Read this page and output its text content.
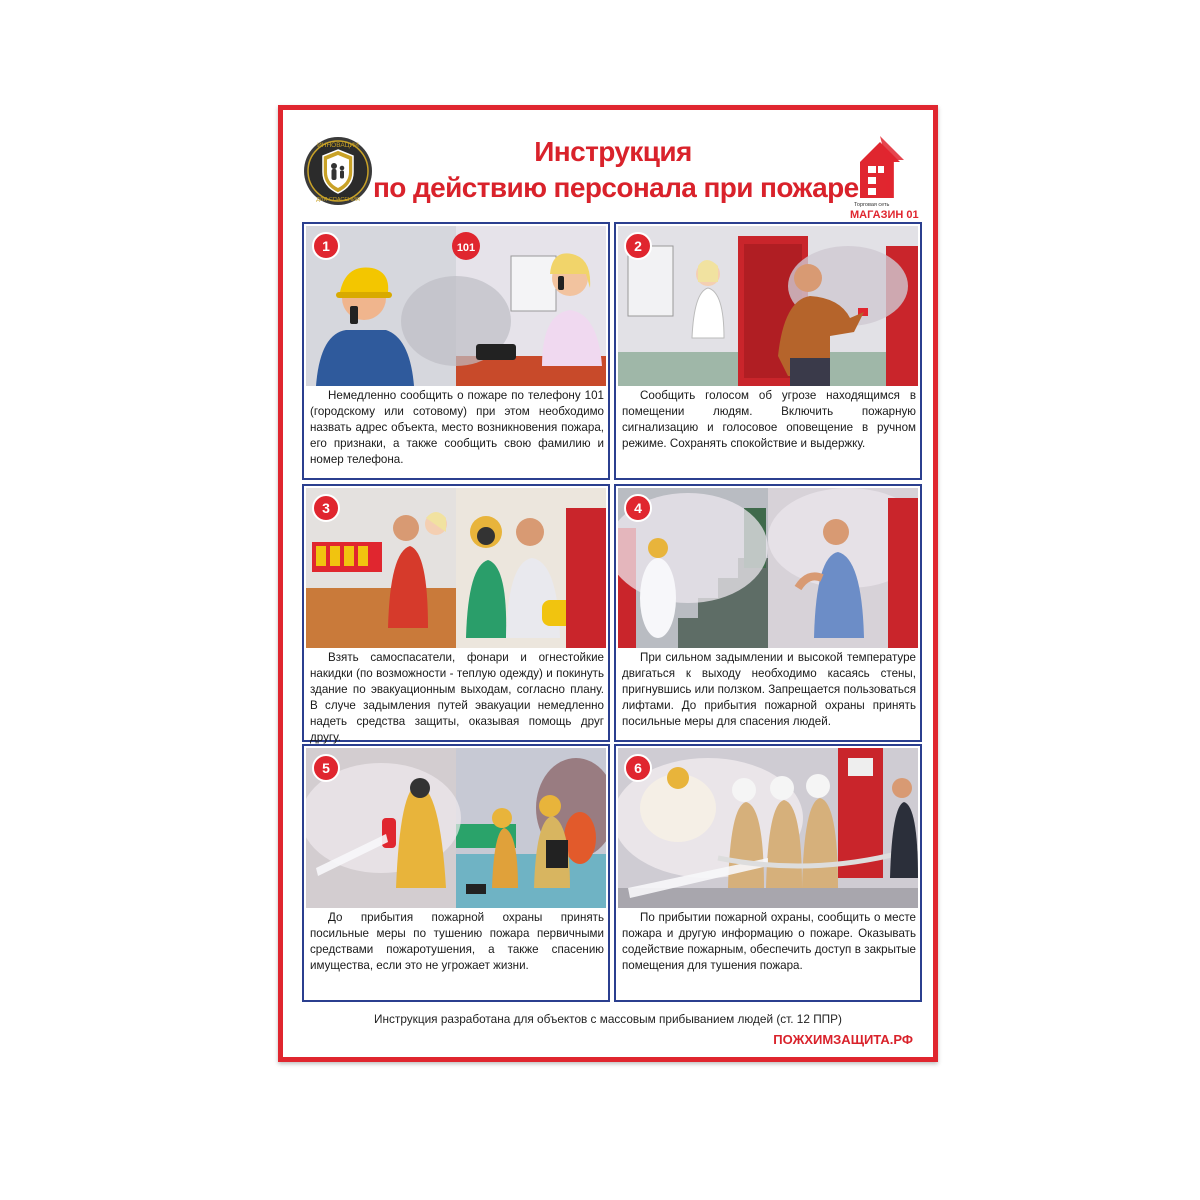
ИННОВАЦИИ
ДЛЯ СПАСЕНИЯ
Инструкция
по действию персонала при пожаре
Торговая сеть
МАГАЗИН 01
101
1
Немедленно сообщить о пожаре по телефону 101 (городскому или сотовому) при этом необходимо назвать адрес объекта, место возникновения пожара, его признаки, а также сообщить свою фамилию и номер телефона.
2
Сообщить голосом об угрозе находящимся в помещении людям. Включить пожарную сигнализацию и голосовое оповещение в ручном режиме. Сохранять спокойствие и выдержку.
3
Взять самоспасатели, фонари и огнестойкие накидки (по возможности - теплую одежду) и покинуть здание по эвакуационным выходам, согласно плану. В случе задымления путей эвакуации немедленно надеть средства защиты, оказывая помощь друг другу.
4
При сильном задымлении и высокой температуре двигаться к выходу необходимо касаясь стены, пригнувшись или ползком. Запрещается пользоваться лифтами. До прибытия пожарной охраны принять посильные меры для спасения людей.
5
До прибытия пожарной охраны принять посильные меры по тушению пожара первичными средствами пожаротушения, а также спасению имущества, если это не угрожает жизни.
6
По прибытии пожарной охраны, сообщить о месте пожара и другую информацию о пожаре. Оказывать содействие пожарным, обеспечить доступ в закрытые помещения для тушения пожара.
Инструкция разработана для объектов с массовым прибыванием людей (ст. 12 ППР)
ПОЖХИМЗАЩИТА.РФ
